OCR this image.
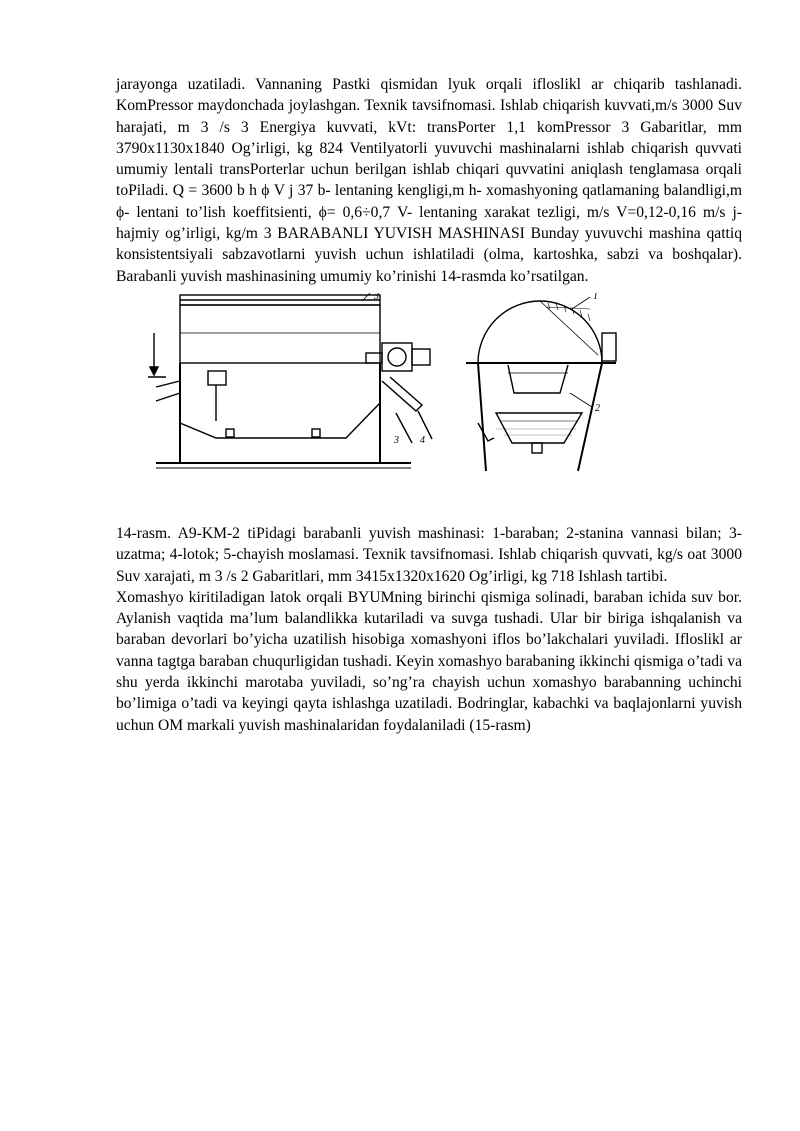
jarayonga uzatiladi. Vannaning Pastki qismidan lyuk orqali ifloslikl ar chiqarib tashlanadi. KomPressor maydonchada joylashgan. Texnik tavsifnomasi. Ishlab chiqarish kuvvati,m/s 3000 Suv harajati, m 3 /s 3 Energiya kuvvati, kVt: transPorter 1,1 komPressor 3 Gabaritlar, mm 3790x1130x1840 Og’irligi, kg 824 Ventilyatorli yuvuvchi mashinalarni ishlab chiqarish quvvati umumiy lentali transPorterlar uchun berilgan ishlab chiqari quvvatini aniqlash tenglamasa orqali toPiladi. Q = 3600 b h ϕ V j 37 b- lentaning kengligi,m h- xomashyoning qatlamaning balandligi,m ϕ- lentani to’lish koeffitsienti, ϕ= 0,6÷0,7 V- lentaning xarakat tezligi, m/s V=0,12-0,16 m/s j- hajmiy og’irligi, kg/m 3 BARABANLI YUVISH MASHINASI Bunday yuvuvchi mashina qattiq konsistentsiyali sabzavotlarni yuvish uchun ishlatiladi (olma, kartoshka, sabzi va boshqalar). Barabanli yuvish mashinasining umumiy ko’rinishi 14-rasmda ko’rsatilgan.

3
3 4
1
2

14-rasm. A9-KM-2 tiPidagi barabanli yuvish mashinasi: 1-baraban; 2-stanina vannasi bilan; 3-uzatma; 4-lotok; 5-chayish moslamasi. Texnik tavsifnomasi. Ishlab chiqarish quvvati, kg/s oat 3000 Suv xarajati, m 3 /s 2 Gabaritlari, mm 3415x1320x1620 Og’irligi, kg 718 Ishlash tartibi.

Xomashyo kiritiladigan latok orqali BYUMning birinchi qismiga solinadi, baraban ichida suv bor. Aylanish vaqtida ma’lum balandlikka kutariladi va suvga tushadi. Ular bir biriga ishqalanish va baraban devorlari bo’yicha uzatilish hisobiga xomashyoni iflos bo’lakchalari yuviladi. Ifloslikl ar vanna tagtga baraban chuqurligidan tushadi. Keyin xomashyo barabaning ikkinchi qismiga o’tadi va shu yerda ikkinchi marotaba yuviladi, so’ng’ra chayish uchun xomashyo barabanning uchinchi bo’limiga o’tadi va keyingi qayta ishlashga uzatiladi. Bodringlar, kabachki va baqlajonlarni yuvish uchun OM markali yuvish mashinalaridan foydalaniladi (15-rasm)
